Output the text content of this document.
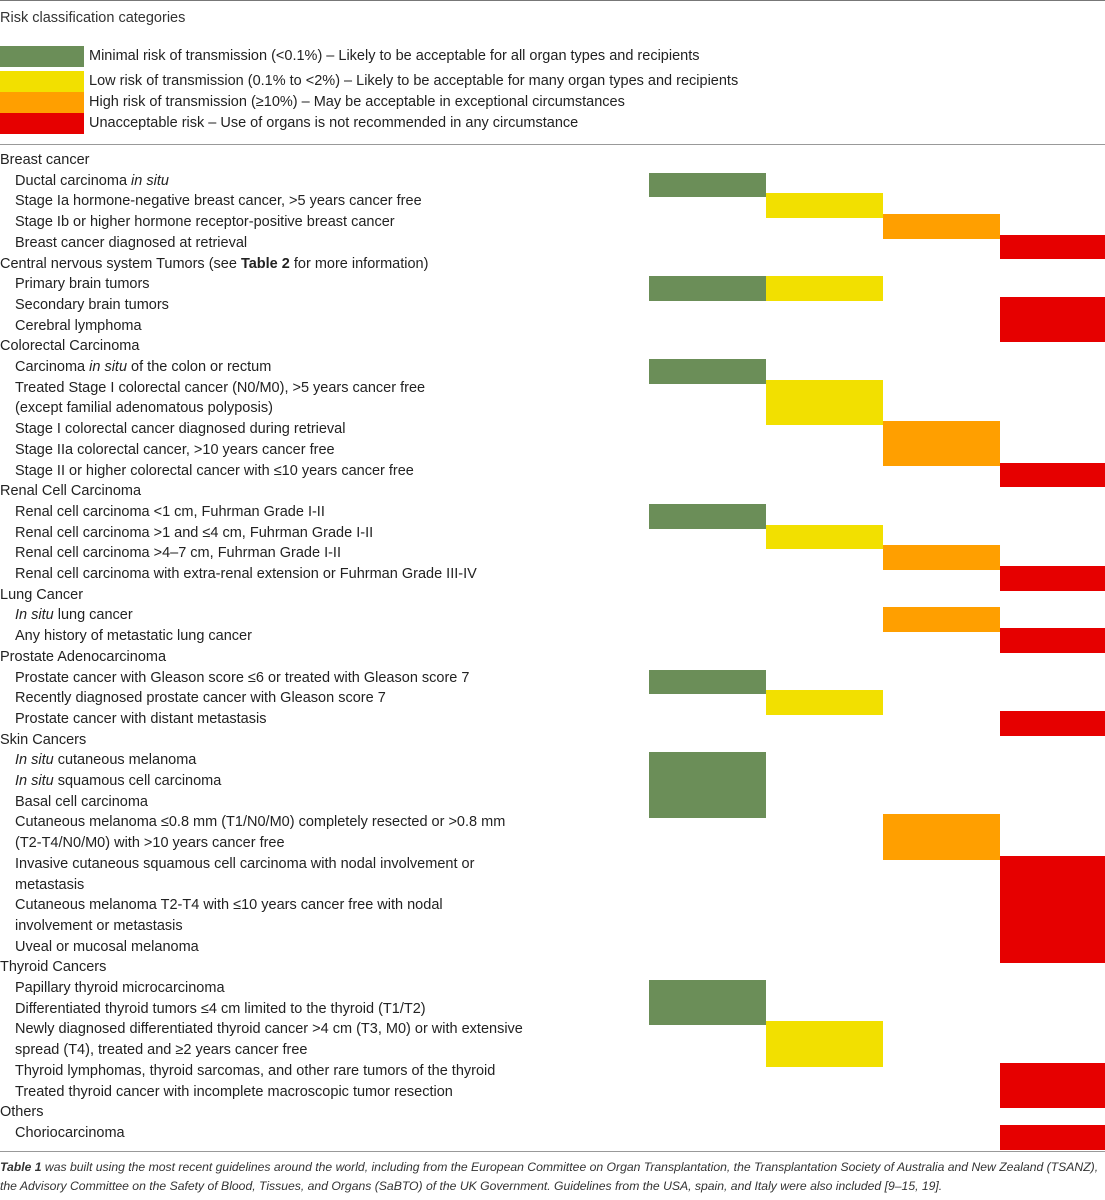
Risk classification categories
Minimal risk of transmission (<0.1%) – Likely to be acceptable for all organ types and recipients
Low risk of transmission (0.1% to <2%) – Likely to be acceptable for many organ types and recipients
High risk of transmission (≥10%) – May be acceptable in exceptional circumstances
Unacceptable risk – Use of organs is not recommended in any circumstance
Breast cancer
Ductal carcinoma in situ
Stage Ia hormone-negative breast cancer, >5 years cancer free
Stage Ib or higher hormone receptor-positive breast cancer
Breast cancer diagnosed at retrieval
Central nervous system Tumors (see Table 2 for more information)
Primary brain tumors
Secondary brain tumors
Cerebral lymphoma
Colorectal Carcinoma
Carcinoma in situ of the colon or rectum
Treated Stage I colorectal cancer (N0/M0), >5 years cancer free
(except familial adenomatous polyposis)
Stage I colorectal cancer diagnosed during retrieval
Stage IIa colorectal cancer, >10 years cancer free
Stage II or higher colorectal cancer with ≤10 years cancer free
Renal Cell Carcinoma
Renal cell carcinoma <1 cm, Fuhrman Grade I-II
Renal cell carcinoma >1 and ≤4 cm, Fuhrman Grade I-II
Renal cell carcinoma >4–7 cm, Fuhrman Grade I-II
Renal cell carcinoma with extra-renal extension or Fuhrman Grade III-IV
Lung Cancer
In situ lung cancer
Any history of metastatic lung cancer
Prostate Adenocarcinoma
Prostate cancer with Gleason score ≤6 or treated with Gleason score 7
Recently diagnosed prostate cancer with Gleason score 7
Prostate cancer with distant metastasis
Skin Cancers
In situ cutaneous melanoma
In situ squamous cell carcinoma
Basal cell carcinoma
Cutaneous melanoma ≤0.8 mm (T1/N0/M0) completely resected or >0.8 mm
(T2-T4/N0/M0) with >10 years cancer free
Invasive cutaneous squamous cell carcinoma with nodal involvement or
metastasis
Cutaneous melanoma T2-T4 with ≤10 years cancer free with nodal
involvement or metastasis
Uveal or mucosal melanoma
Thyroid Cancers
Papillary thyroid microcarcinoma
Differentiated thyroid tumors ≤4 cm limited to the thyroid (T1/T2)
Newly diagnosed differentiated thyroid cancer >4 cm (T3, M0) or with extensive
spread (T4), treated and ≥2 years cancer free
Thyroid lymphomas, thyroid sarcomas, and other rare tumors of the thyroid
Treated thyroid cancer with incomplete macroscopic tumor resection
Others
Choriocarcinoma
Table 1 was built using the most recent guidelines around the world, including from the European Committee on Organ Transplantation, the Transplantation Society of Australia and New Zealand (TSANZ), the Advisory Committee on the Safety of Blood, Tissues, and Organs (SaBTO) of the UK Government. Guidelines from the USA, spain, and Italy were also included [9–15, 19].
